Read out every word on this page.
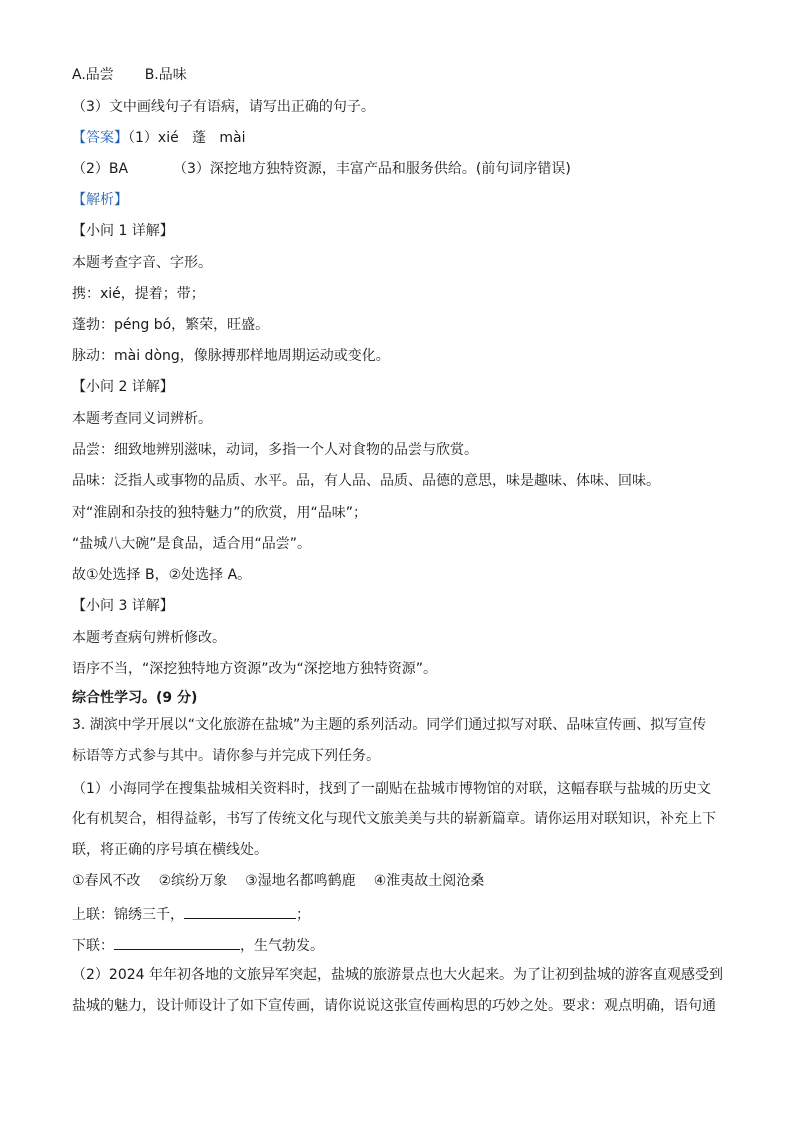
A.品尝 B.品味
（3）文中画线句子有语病，请写出正确的句子。
【答案】（1）xié   蓬   mài
（2）BA	（3）深挖地方独特资源，丰富产品和服务供给。(前句词序错误)
【解析】
【小问 1 详解】
本题考查字音、字形。
携：xié，提着；带；
蓬勃：péng bó，繁荣，旺盛。
脉动：mài dòng，像脉搏那样地周期运动或变化。
【小问 2 详解】
本题考查同义词辨析。
品尝：细致地辨别滋味，动词，多指一个人对食物的品尝与欣赏。
品味：泛指人或事物的品质、水平。品，有人品、品质、品德的意思，味是趣味、体味、回味。
对“淮剧和杂技的独特魅力”的欣赏，用“品味”；
“盐城八大碗”是食品，适合用“品尝”。
故①处选择 B，②处选择 A。
【小问 3 详解】
本题考查病句辨析修改。
语序不当，“深挖独特地方资源”改为“深挖地方独特资源”。
综合性学习。(9 分)
3. 湖滨中学开展以“文化旅游在盐城”为主题的系列活动。同学们通过拟写对联、品味宣传画、拟写宣传
标语等方式参与其中。请你参与并完成下列任务。
（1）小海同学在搜集盐城相关资料时，找到了一副贴在盐城市博物馆的对联，这幅春联与盐城的历史文
化有机契合，相得益彰，书写了传统文化与现代文旅美美与共的崭新篇章。请你运用对联知识，补充上下
联，将正确的序号填在横线处。
①春风不改 ②缤纷万象 ③湿地名都鸣鹤鹿 ④淮夷故土阅沧桑
上联：锦绣三千，	；
下联：	，生气勃发。
（2）2024 年年初各地的文旅异军突起，盐城的旅游景点也大火起来。为了让初到盐城的游客直观感受到
盐城的魅力，设计师设计了如下宣传画，请你说说这张宣传画构思的巧妙之处。要求：观点明确，语句通
